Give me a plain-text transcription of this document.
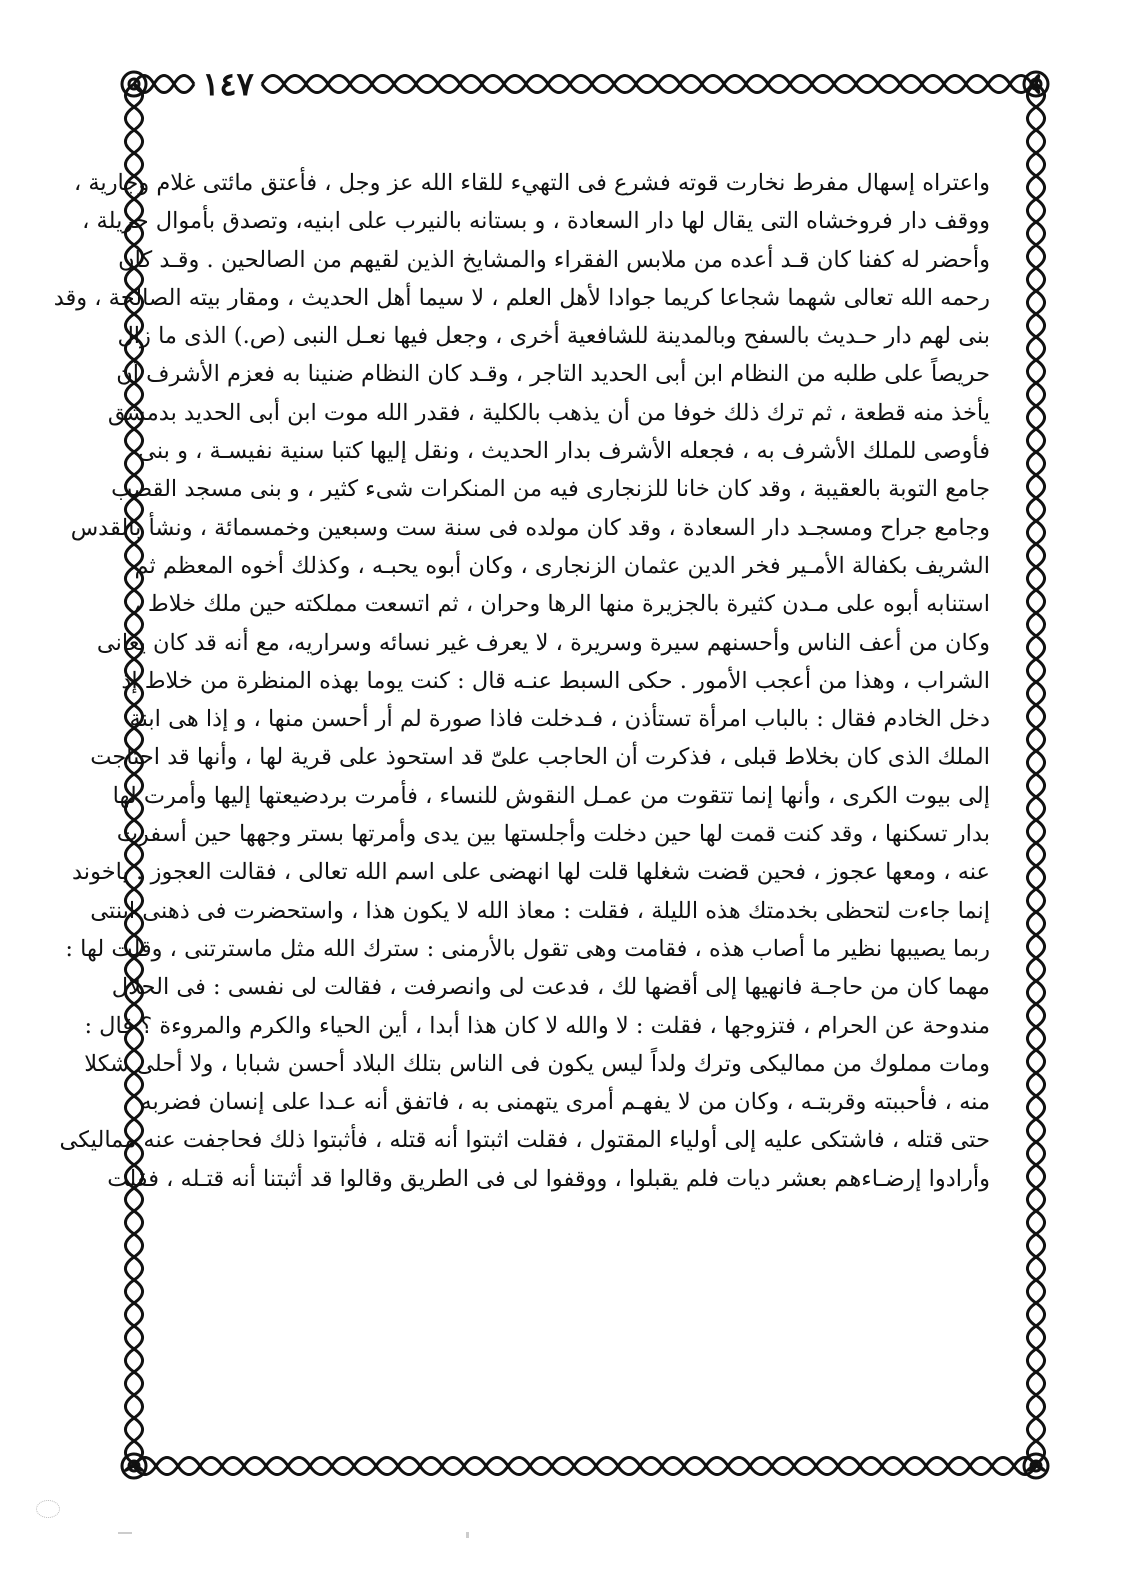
١٤٧
واعتراه إسهال مفرط نخارت قوته فشرع فى التهيء للقاء الله عز وجل ، فأعتق مائتى غلام وجارية ،
ووقف دار فروخشاه التى يقال لها دار السعادة ، و بستانه بالنيرب على ابنيه، وتصدق بأموال جزيلة ،
وأحضر له كفنا كان قـد أعده من ملابس الفقراء والمشايخ الذين لقيهم من الصالحين . وقـد كان
رحمه الله تعالى شهما شجاعا كريما جوادا لأهل العلم ، لا سيما أهل الحديث ، ومقار بيته الصالحة ، وقد
بنى لهم دار حـديث بالسفح وبالمدينة للشافعية أخرى ، وجعل فيها نعـل النبى (ص.) الذى ما زال
حريصاً على طلبه من النظام ابن أبى الحديد التاجر ، وقـد كان النظام ضنينا به فعزم الأشرف أن
يأخذ منه قطعة ، ثم ترك ذلك خوفا من أن يذهب بالكلية ، فقدر الله موت ابن أبى الحديد بدمشق
فأوصى للملك الأشرف به ، فجعله الأشرف بدار الحديث ، ونقل إليها كتبا سنية نفيسـة ، و بنى
جامع التوبة بالعقيبة ، وقد كان خانا للزنجارى فيه من المنكرات شىء كثير ، و بنى مسجد القصب
وجامع جراح ومسجـد دار السعادة ، وقد كان مولده فى سنة ست وسبعين وخمسمائة ، ونشأ بالقدس
الشريف بكفالة الأمـير فخر الدين عثمان الزنجارى ، وكان أبوه يحبـه ، وكذلك أخوه المعظم ثم
استنابه أبوه على مـدن كثيرة بالجزيرة منها الرها وحران ، ثم اتسعت مملكته حين ملك خلاط ،
وكان من أعف الناس وأحسنهم سيرة وسريرة ، لا يعرف غير نسائه وسراريه، مع أنه قد كان يعانى
الشراب ، وهذا من أعجب الأمور . حكى السبط عنـه قال : كنت يوما بهذه المنظرة من خلاط إذ
دخل الخادم فقال : بالباب امرأة تستأذن ، فـدخلت فاذا صورة لم أر أحسن منها ، و إذا هى ابنة
الملك الذى كان بخلاط قبلى ، فذكرت أن الحاجب علىّ قد استحوذ على قرية لها ، وأنها قد احتاجت
إلى بيوت الكرى ، وأنها إنما تتقوت من عمـل النقوش للنساء ، فأمرت بردضيعتها إليها وأمرت لها
بدار تسكنها ، وقد كنت قمت لها حين دخلت وأجلستها بين يدى وأمرتها بستر وجهها حين أسفرت
عنه ، ومعها عجوز ، فحين قضت شغلها قلت لها انهضى على اسم الله تعالى ، فقالت العجوز : ياخوند
إنما جاءت لتحظى بخدمتك هذه الليلة ، فقلت : معاذ الله لا يكون هذا ، واستحضرت فى ذهنى ابنتى
ربما يصيبها نظير ما أصاب هذه ، فقامت وهى تقول بالأرمنى : سترك الله مثل ماسترتنى ، وقلت لها :
مهما كان من حاجـة فانهيها إلى أقضها لك ، فدعت لى وانصرفت ، فقالت لى نفسى : فى الحلال
مندوحة عن الحرام ، فتزوجها ، فقلت : لا والله لا كان هذا أبدا ، أين الحياء والكرم والمروءة ؟ قال :
ومات مملوك من مماليكى وترك ولداً ليس يكون فى الناس بتلك البلاد أحسن شبابا ، ولا أحلى شكلا
منه ، فأحببته وقربتـه ، وكان من لا يفهـم أمرى يتهمنى به ، فاتفق أنه عـدا على إنسان فضربه
حتى قتله ، فاشتكى عليه إلى أولياء المقتول ، فقلت اثبتوا أنه قتله ، فأثبتوا ذلك فحاجفت عنه مماليكى
وأرادوا إرضـاءهم بعشر ديات فلم يقبلوا ، ووقفوا لى فى الطريق وقالوا قد أثبتنا أنه قتـله ، فقلت
